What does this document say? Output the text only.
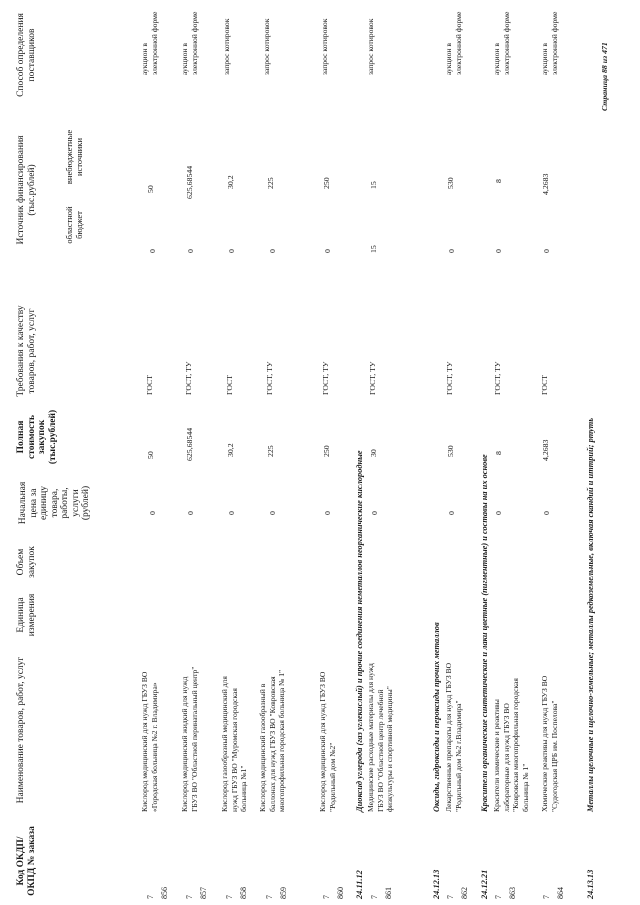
Код ОКДП/ ОКПД № заказа
Наименование товаров, работ, услуг
Единица измерения
Объем закупок
Начальная цена за единицу товара, работы, услуги (рублей)
Полная стоимость закупок (тыс.рублей)
Требования к качеству товаров, работ, услуг
Источник финансирования (тыс.рублей)
областной бюджет
внебюджетные источники
Способ определения поставщиков
7 856
Кислород медицинский для нужд ГБУЗ ВО «Городская больница №2 г. Владимира»
0
50
ГОСТ
0
50
аукцион в электронной форме
7 857
Кислород медицинский жидкий для нужд ГБУЗ ВО "Областной перинатальный центр"
0
625,68544
ГОСТ, ТУ
0
625,68544
аукцион в электронной форме
7 858
Кислород газообразный медицинский для нужд ГБУЗ ВО "Муромская городская больница №1"
0
30,2
ГОСТ
0
30,2
запрос котировок
7 859
Кислород медицинский газообразный в баллонах для нужд ГБУЗ ВО "Ковровская многопрофильная городская больница № 1"
0
225
ГОСТ, ТУ
0
225
запрос котировок
7 860
Кислород медицинский для нужд ГБУЗ ВО "Родильный дом №2"
0
250
ГОСТ, ТУ
0
250
запрос котировок
24.11.12
Диоксид углерода (газ углекислый) и прочие соединения неметаллов неорганические кислородные
7 861
Медицинские расходные материалы для нужд ГБУЗ ВО "Областной центр лечебной физкультуры и спортивной медицины"
0
30
ГОСТ, ТУ
15
15
запрос котировок
24.12.13
Оксиды, гидроксиды и пероксиды прочих металлов
7 862
Лекарственные препараты для нужд ГБУЗ ВО "Родильный дом №2 г.Владимира"
0
530
ГОСТ, ТУ
0
530
аукцион в электронной форме
24.12.21
Красители органические синтетические и лаки цветные (пигментные) и составы на их основе
7 863
Красители химические и реактивы лабораторные для нужд ГБУЗ ВО "Ковровская многопрофильная городская больница № 1"
0
8
ГОСТ, ТУ
0
8
аукцион в электронной форме
7 864
Химические реактивы для нужд ГБУЗ ВО "Судогодская ЦРБ им. Поспелова"
0
4,2683
ГОСТ
0
4,2683
аукцион в электронной форме
24.13.13
Металлы щелочные и щелочно-земельные; металлы редкоземельные, включая скандий и иттрий; ртуть
Страница 88 из 471
